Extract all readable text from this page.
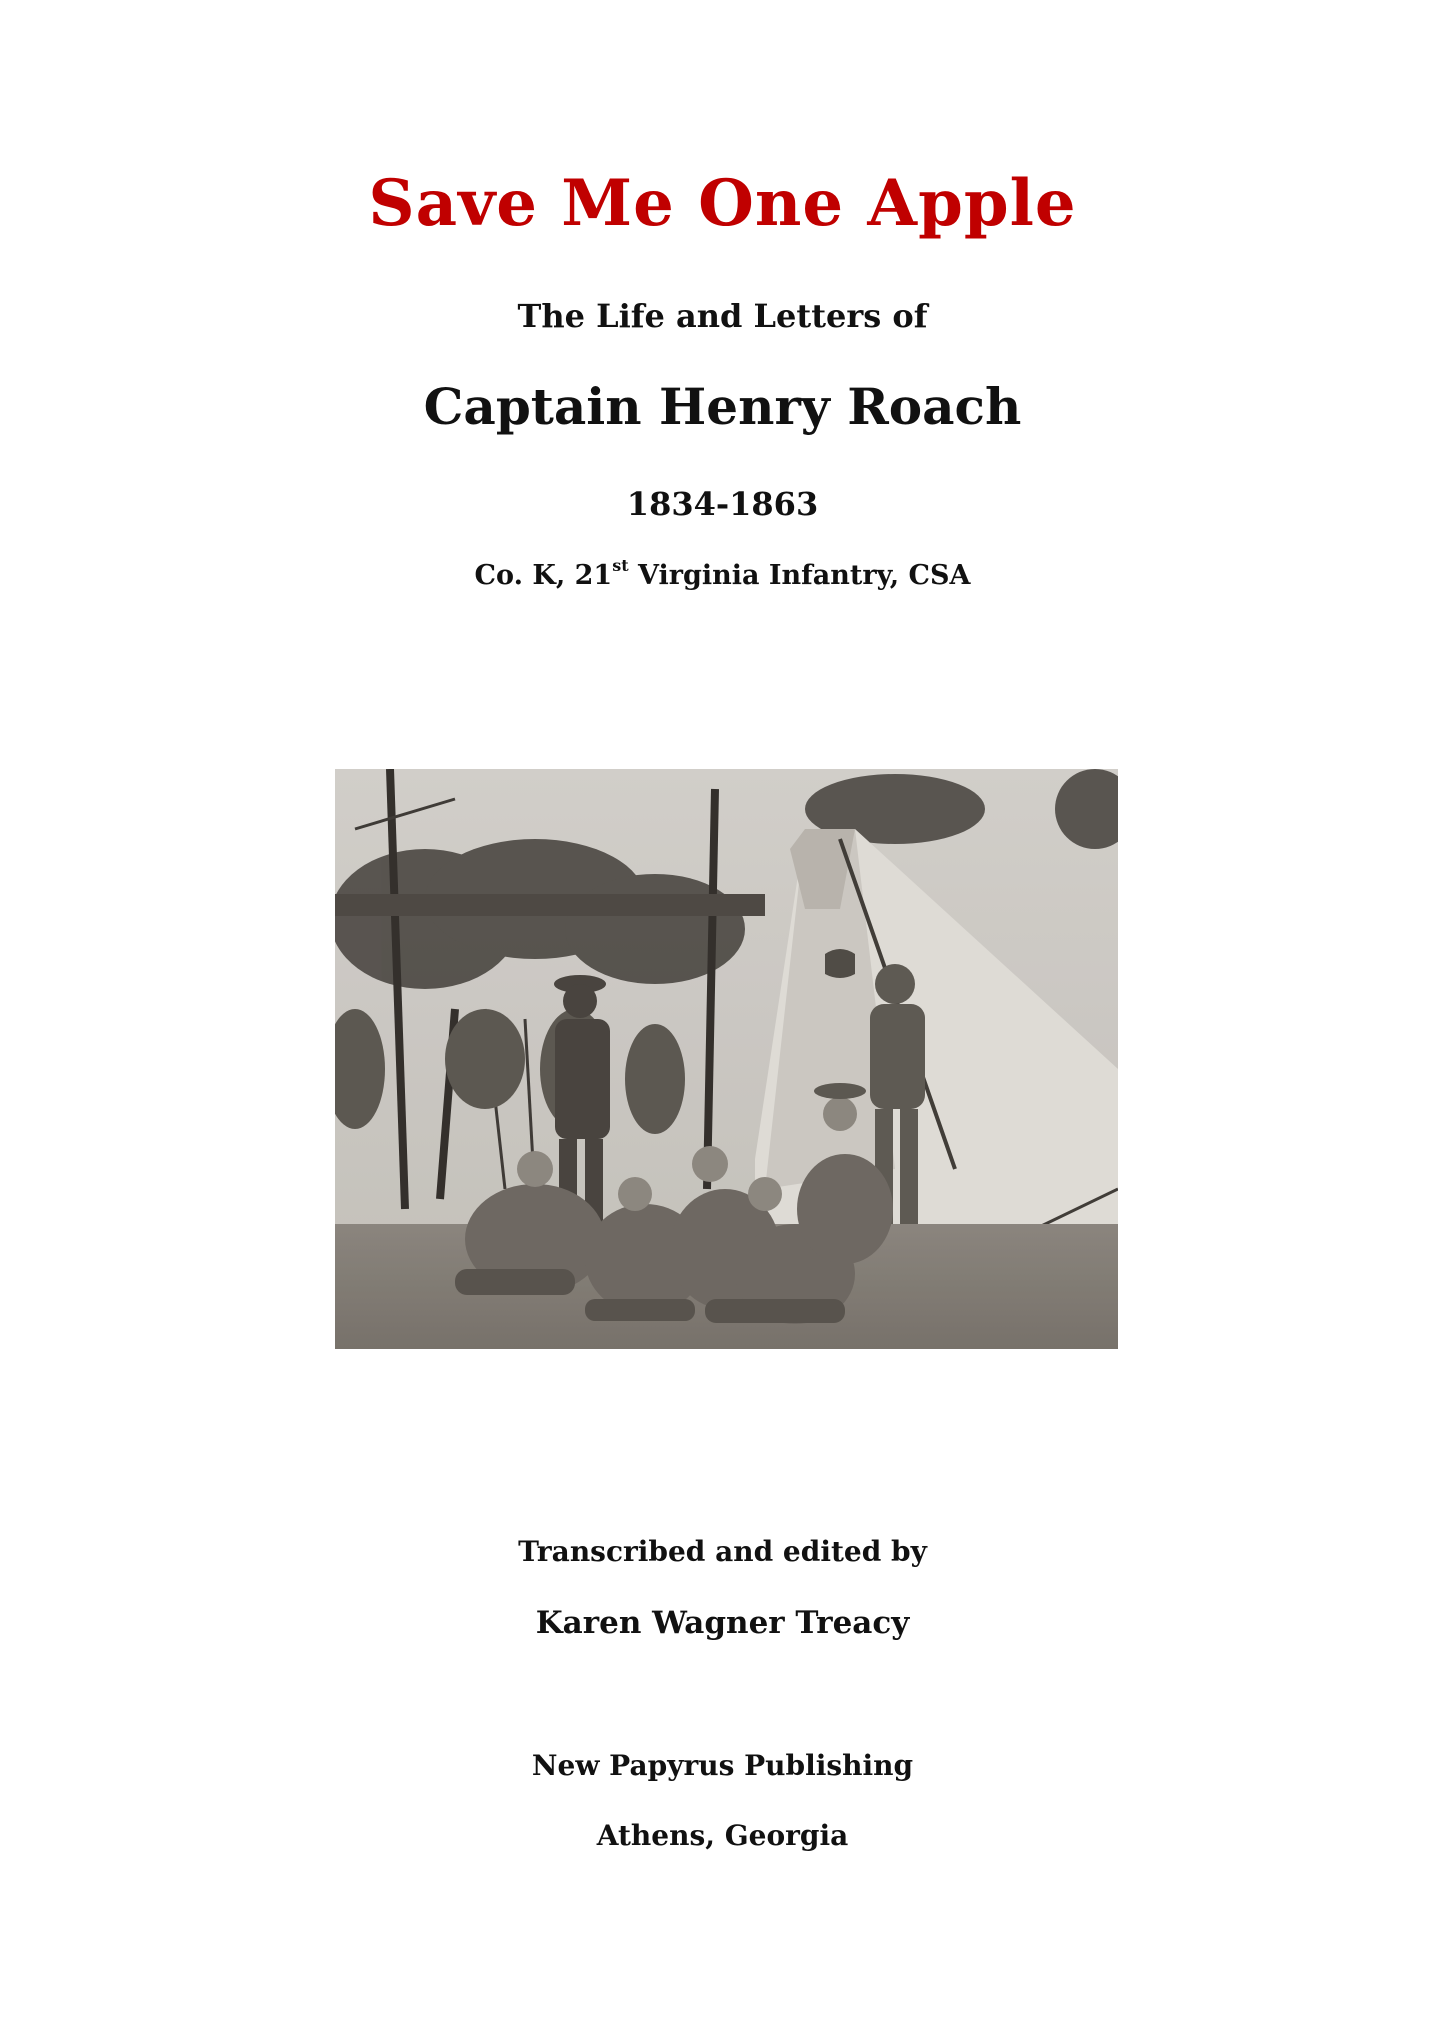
Save Me One Apple
The Life and Letters of
Captain Henry Roach
1834-1863
Co. K, 21st Virginia Infantry, CSA
Transcribed and edited by
Karen Wagner Treacy
New Papyrus Publishing
Athens, Georgia
